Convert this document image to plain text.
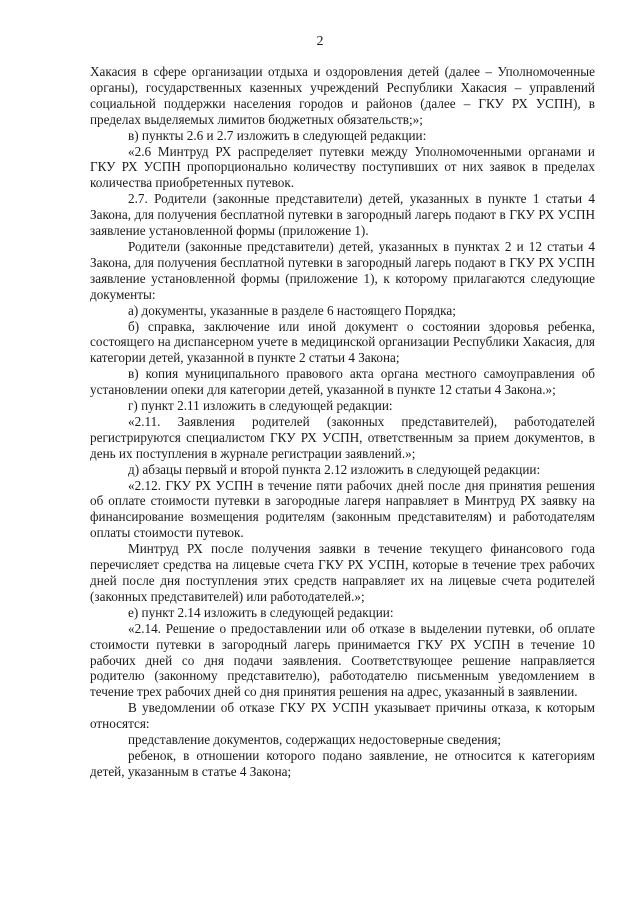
2

Хакасия в сфере организации отдыха и оздоровления детей (далее – Уполномоченные органы), государственных казенных учреждений Республики Хакасия – управлений социальной поддержки населения городов и районов (далее – ГКУ РХ УСПН), в пределах выделяемых лимитов бюджетных обязательств;»;

в) пункты 2.6 и 2.7 изложить в следующей редакции:

«2.6 Минтруд РХ распределяет путевки между Уполномоченными органами и ГКУ РХ УСПН пропорционально количеству поступивших от них заявок в пределах количества приобретенных путевок.

2.7. Родители (законные представители) детей, указанных в пункте 1 статьи 4 Закона, для получения бесплатной путевки в загородный лагерь подают в ГКУ РХ УСПН заявление установленной формы (приложение 1).

Родители (законные представители) детей, указанных в пунктах 2 и 12 статьи 4 Закона, для получения бесплатной путевки в загородный лагерь подают в ГКУ РХ УСПН заявление установленной формы (приложение 1), к которому прилагаются следующие документы:

а) документы, указанные в разделе 6 настоящего Порядка;

б) справка, заключение или иной документ о состоянии здоровья ребенка, состоящего на диспансерном учете в медицинской организации Республики Хакасия, для категории детей, указанной в пункте 2 статьи 4 Закона;

в) копия муниципального правового акта органа местного самоуправления об установлении опеки для категории детей, указанной в пункте 12 статьи 4 Закона.»;

г) пункт 2.11 изложить в следующей редакции:

«2.11. Заявления родителей (законных представителей), работодателей регистрируются специалистом ГКУ РХ УСПН, ответственным за прием документов, в день их поступления в журнале регистрации заявлений.»;

д) абзацы первый и второй пункта 2.12 изложить в следующей редакции:

«2.12. ГКУ РХ УСПН в течение пяти рабочих дней после дня принятия решения об оплате стоимости путевки в загородные лагеря направляет в Минтруд РХ заявку на финансирование возмещения родителям (законным представителям) и работодателям оплаты стоимости путевок.

Минтруд РХ после получения заявки в течение текущего финансового года перечисляет средства на лицевые счета ГКУ РХ УСПН, которые в течение трех рабочих дней после дня поступления этих средств направляет их на лицевые счета родителей (законных представителей) или работодателей.»;

е) пункт 2.14 изложить в следующей редакции:

«2.14. Решение о предоставлении или об отказе в выделении путевки, об оплате стоимости путевки в загородный лагерь принимается ГКУ РХ УСПН в течение 10 рабочих дней со дня подачи заявления. Соответствующее решение направляется родителю (законному представителю), работодателю письменным уведомлением в течение трех рабочих дней со дня принятия решения на адрес, указанный в заявлении.

В уведомлении об отказе ГКУ РХ УСПН указывает причины отказа, к которым относятся:

представление документов, содержащих недостоверные сведения;

ребенок, в отношении которого подано заявление, не относится к категориям детей, указанным в статье 4 Закона;
